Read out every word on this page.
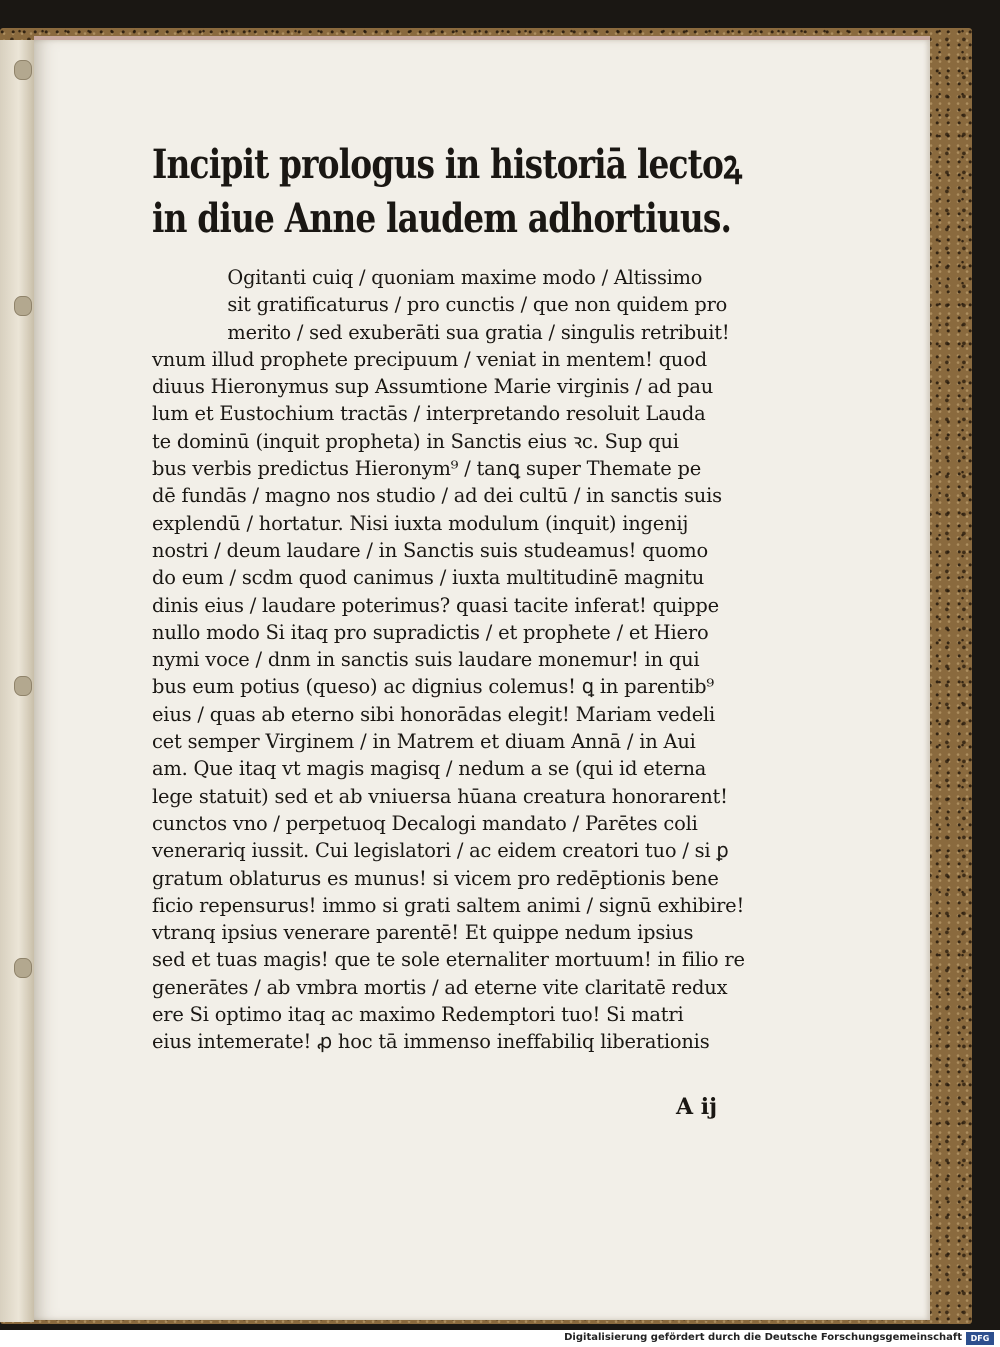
Incipit prologus in historiā lectoꝝ
in diue Anne laudem adhortiuus.
Ogitanti cuiq / quoniam maxime modo / Altissimo
sit gratificaturus / pro cunctis / que non quidem pro
merito / sed exuberāti sua gratia / singulis retribuit!
vnum illud prophete precipuum / veniat in mentem! quod
diuus Hieronymus sup Assumtione Marie virginis / ad pau
lum et Eustochium tractās / interpretando resoluit Lauda
te dominū (inquit propheta) in Sanctis eius ꝛc. Sup qui
bus verbis predictus Hieronym⁹ / tanꝗ super Themate pe
dē fundās / magno nos studio / ad dei cultū / in sanctis suis
explendū / hortatur. Nisi iuxta modulum (inquit) ingenij
nostri / deum laudare / in Sanctis suis studeamus! quomo
do eum / scdm quod canimus / iuxta multitudinē magnitu
dinis eius / laudare poterimus? quasi tacite inferat! quippe
nullo modo Si itaq pro supradictis / et prophete / et Hiero
nymi voce / dnm in sanctis suis laudare monemur! in qui
bus eum potius (queso) ac dignius colemus! ꝗ in parentib⁹
eius / quas ab eterno sibi honorādas elegit! Mariam vedeli
cet semper Virginem / in Matrem et diuam Annā / in Aui
am. Que itaq vt magis magisq / nedum a se (qui id eterna
lege statuit) sed et ab vniuersa hūana creatura honorarent!
cunctos vno / perpetuoq Decalogi mandato / Parētes coli
venerariq iussit. Cui legislatori / ac eidem creatori tuo / si ꝑ
gratum oblaturus es munus! si vicem pro redēptionis bene
ficio repensurus! immo si grati saltem animi / signū exhibire!
vtranq ipsius venerare parentē! Et quippe nedum ipsius
sed et tuas magis! que te sole eternaliter mortuum! in filio re
generātes / ab vmbra mortis / ad eterne vite claritatē redux
ere Si optimo itaq ac maximo Redemptori tuo! Si matri
eius intemerate! ꝓ hoc tā immenso ineffabiliq liberationis
A ij
Digitalisierung gefördert durch die Deutsche Forschungsgemeinschaft	DFG
